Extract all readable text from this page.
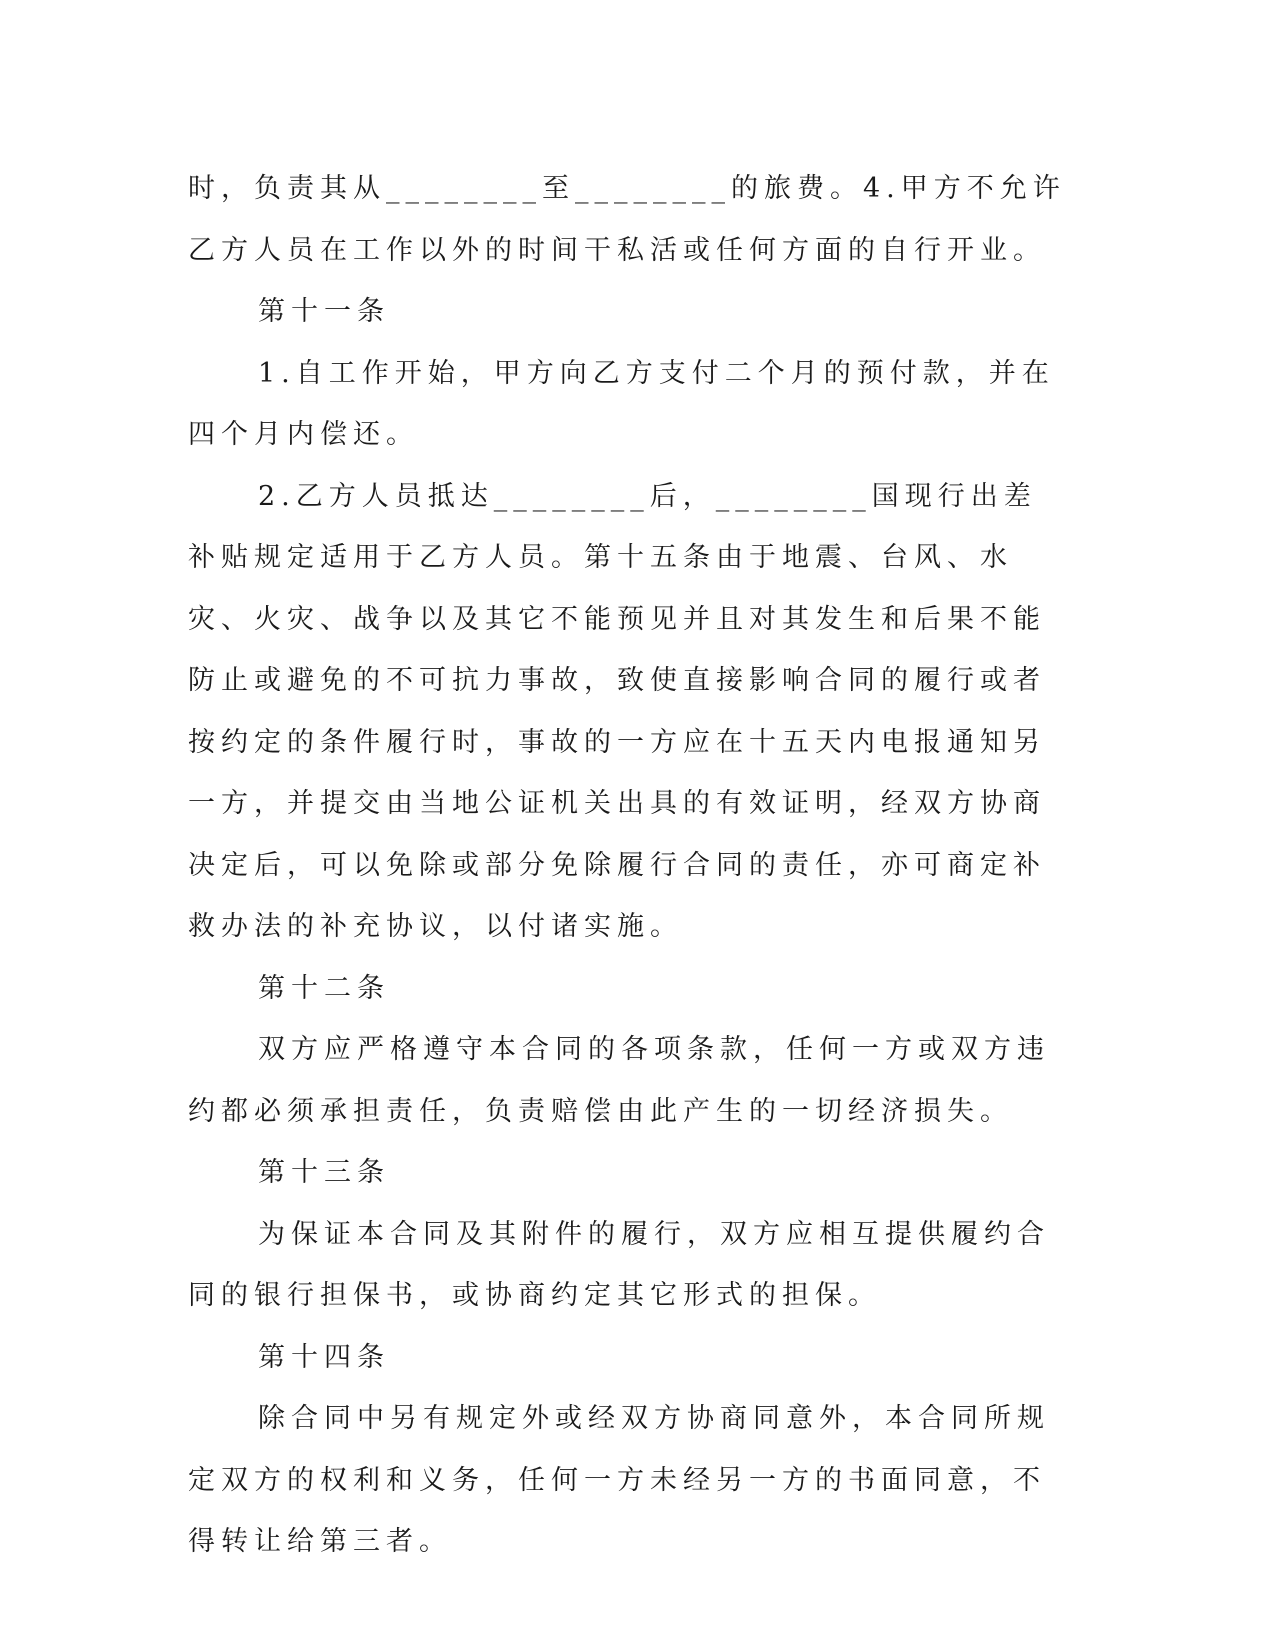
时，负责其从________至________的旅费。4.甲方不允许乙方人员在工作以外的时间干私活或任何方面的自行开业。

第十一条

1.自工作开始，甲方向乙方支付二个月的预付款，并在四个月内偿还。

2.乙方人员抵达________后，________国现行出差补贴规定适用于乙方人员。第十五条由于地震、台风、水灾、火灾、战争以及其它不能预见并且对其发生和后果不能防止或避免的不可抗力事故，致使直接影响合同的履行或者按约定的条件履行时，事故的一方应在十五天内电报通知另一方，并提交由当地公证机关出具的有效证明，经双方协商决定后，可以免除或部分免除履行合同的责任，亦可商定补救办法的补充协议，以付诸实施。

第十二条

双方应严格遵守本合同的各项条款，任何一方或双方违约都必须承担责任，负责赔偿由此产生的一切经济损失。

第十三条

为保证本合同及其附件的履行，双方应相互提供履约合同的银行担保书，或协商约定其它形式的担保。

第十四条

除合同中另有规定外或经双方协商同意外，本合同所规定双方的权利和义务，任何一方未经另一方的书面同意，不得转让给第三者。
